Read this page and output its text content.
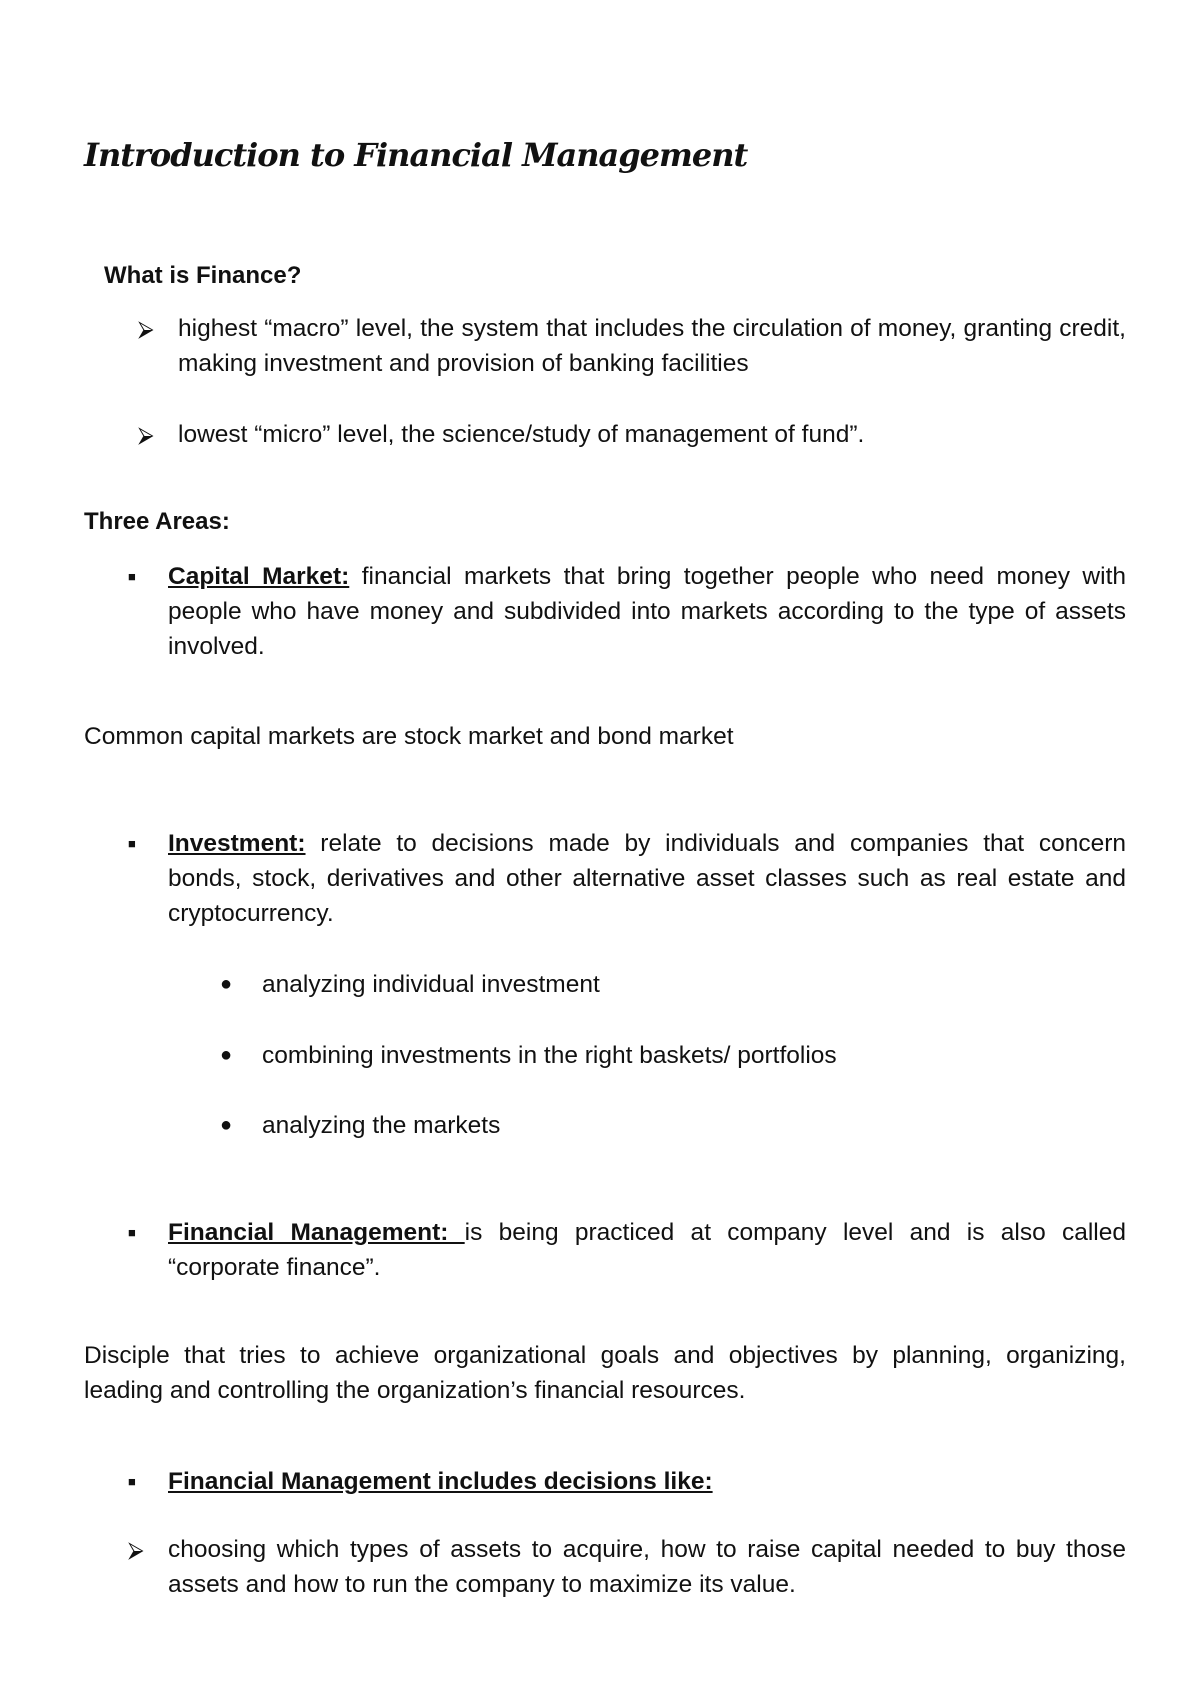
Introduction to Financial Management
What is Finance?
⮚ highest “macro” level, the system that includes the circulation of money, granting credit, making investment and provision of banking facilities
⮚ lowest “micro” level, the science/study of management of fund”.
Three Areas:
■ Capital Market: financial markets that bring together people who need money with people who have money and subdivided into markets according to the type of assets involved.
Common capital markets are stock market and bond market
■ Investment: relate to decisions made by individuals and companies that concern bonds, stock, derivatives and other alternative asset classes such as real estate and cryptocurrency.
● analyzing individual investment
● combining investments in the right baskets/ portfolios
● analyzing the markets
■ Financial Management: is being practiced at company level and is also called “corporate finance”.
Disciple that tries to achieve organizational goals and objectives by planning, organizing, leading and controlling the organization’s financial resources.
■ Financial Management includes decisions like:
⮚ choosing which types of assets to acquire, how to raise capital needed to buy those assets and how to run the company to maximize its value.
